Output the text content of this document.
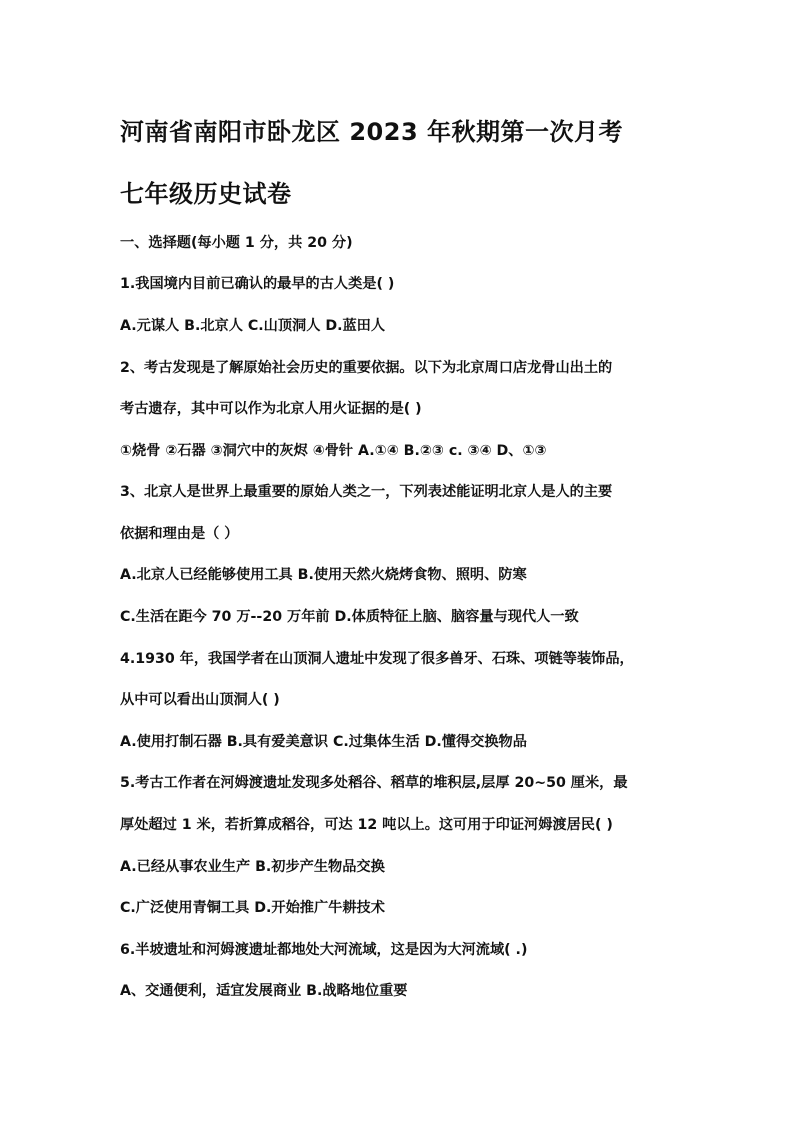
河南省南阳市卧龙区 2023 年秋期第一次月考
七年级历史试卷

一、选择题(每小题 1 分，共 20 分)

1.我国境内目前已确认的最早的古人类是( )

A.元谋人 B.北京人 C.山顶洞人 D.蓝田人

2、考古发现是了解原始社会历史的重要依据。以下为北京周口店龙骨山出土的

考古遗存，其中可以作为北京人用火证据的是( )

①烧骨 ②石器 ③洞穴中的灰烬 ④骨针 A.①④ B.②③ c. ③④ D、①③

3、北京人是世界上最重要的原始人类之一，下列表述能证明北京人是人的主要

依据和理由是（ ）

A.北京人已经能够使用工具 B.使用天然火烧烤食物、照明、防寒

C.生活在距今 70 万--20 万年前 D.体质特征上脑、脑容量与现代人一致

4.1930 年，我国学者在山顶洞人遗址中发现了很多兽牙、石珠、项链等装饰品，

从中可以看出山顶洞人( )

A.使用打制石器 B.具有爱美意识 C.过集体生活 D.懂得交换物品

5.考古工作者在河姆渡遗址发现多处稻谷、稻草的堆积层,层厚 20~50 厘米，最

厚处超过 1 米，若折算成稻谷，可达 12 吨以上。这可用于印证河姆渡居民( )

A.已经从事农业生产 B.初步产生物品交换

C.广泛使用青铜工具 D.开始推广牛耕技术

6.半坡遗址和河姆渡遗址都地处大河流域，这是因为大河流域( .)

A、交通便利，适宜发展商业 B.战略地位重要
